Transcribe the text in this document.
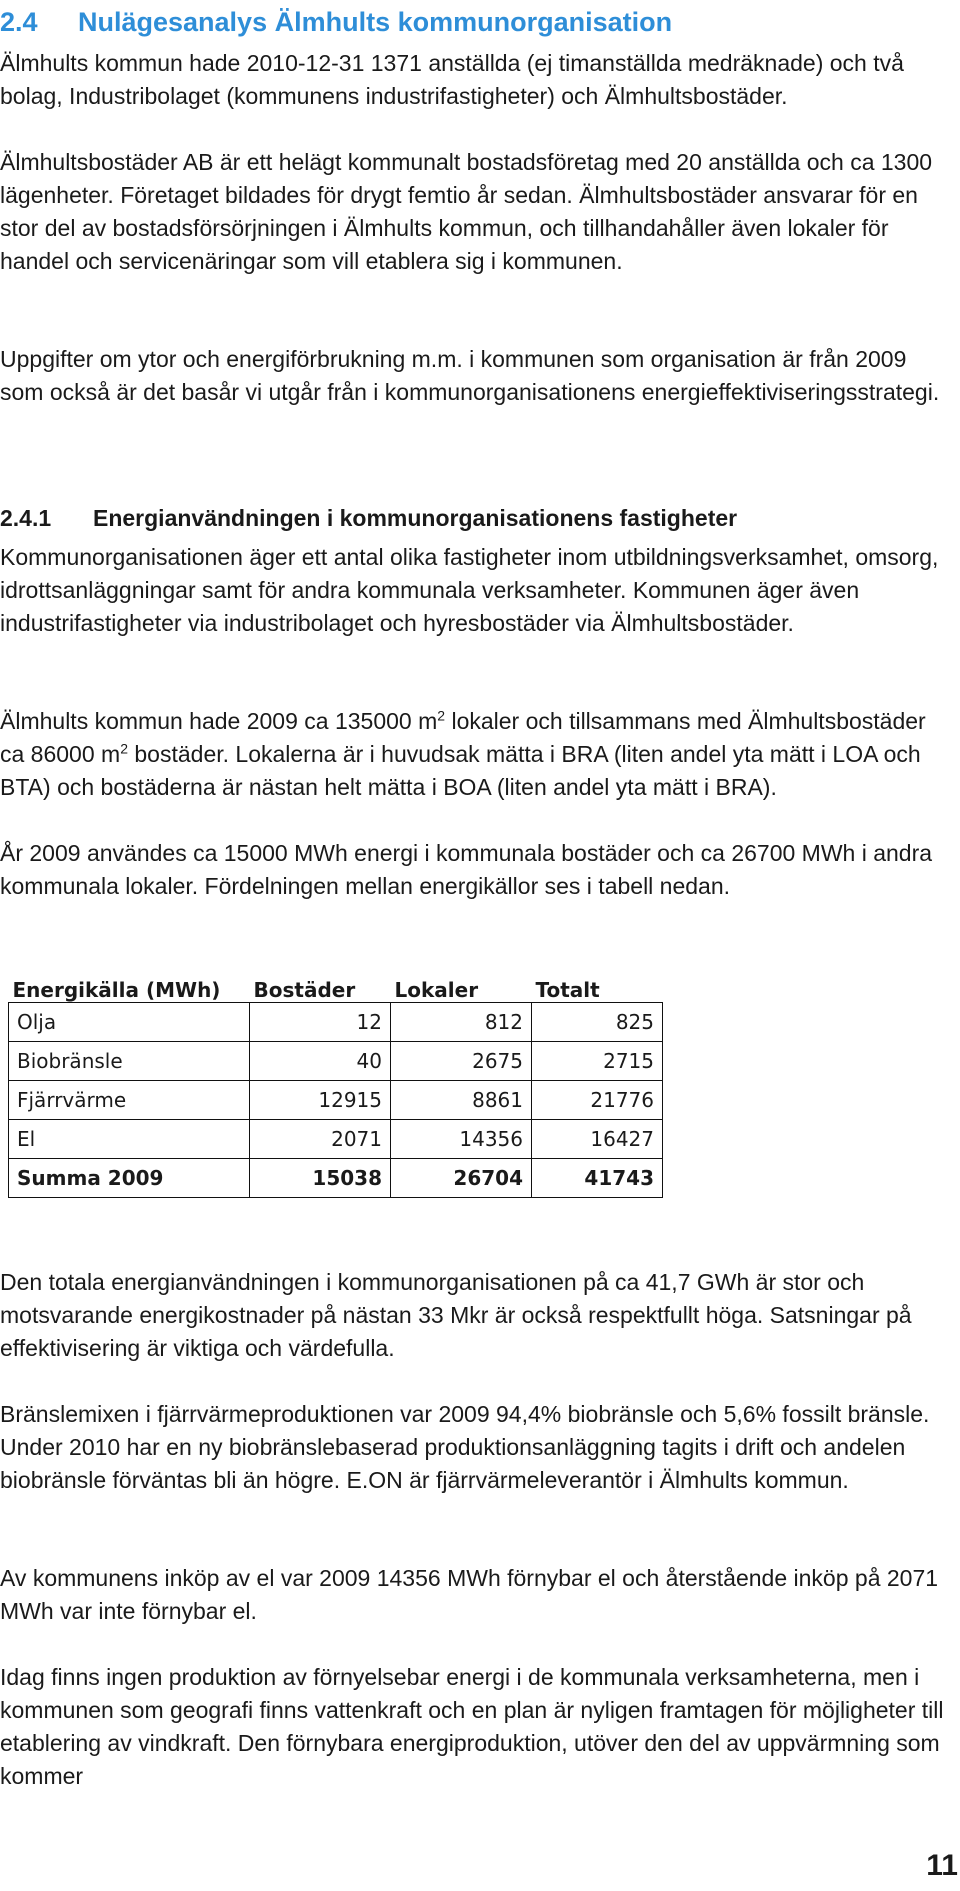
2.4 Nulägesanalys Älmhults kommunorganisation

Älmhults kommun hade 2010-12-31 1371 anställda (ej timanställda medräknade) och två bolag, Industribolaget (kommunens industrifastigheter) och Älmhultsbostäder.

Älmhultsbostäder AB är ett helägt kommunalt bostadsföretag med 20 anställda och ca 1300 lägenheter. Företaget bildades för drygt femtio år sedan. Älmhultsbostäder ansvarar för en stor del av bostadsförsörjningen i Älmhults kommun, och tillhandahåller även lokaler för handel och servicenäringar som vill etablera sig i kommunen.

Uppgifter om ytor och energiförbrukning m.m. i kommunen som organisation är från 2009 som också är det basår vi utgår från i kommunorganisationens energieffektiviseringsstrategi.

2.4.1 Energianvändningen i kommunorganisationens fastigheter

Kommunorganisationen äger ett antal olika fastigheter inom utbildningsverksamhet, omsorg, idrottsanläggningar samt för andra kommunala verksamheter. Kommunen äger även industrifastigheter via industribolaget och hyresbostäder via Älmhultsbostäder.

Älmhults kommun hade 2009 ca 135000 $m^2$ lokaler och tillsammans med Älmhultsbostäder ca 86000 $m^2$ bostäder. Lokalerna är i huvudsak mätta i BRA (liten andel yta mätt i LOA och BTA) och bostäderna är nästan helt mätta i BOA (liten andel yta mätt i BRA).

År 2009 användes ca 15000 MWh energi i kommunala bostäder och ca 26700 MWh i andra kommunala lokaler. Fördelningen mellan energikällor ses i tabell nedan.

Energikälla (MWh)	Bostäder	Lokaler	Totalt
Olja	12	812	825
Biobränsle	40	2675	2715
Fjärrvärme	12915	8861	21776
El	2071	14356	16427
Summa 2009	15038	26704	41743

Den totala energianvändningen i kommunorganisationen på ca 41,7 GWh är stor och motsvarande energikostnader på nästan 33 Mkr är också respektfullt höga. Satsningar på effektivisering är viktiga och värdefulla.

Bränslemixen i fjärrvärmeproduktionen var 2009 94,4% biobränsle och 5,6% fossilt bränsle. Under 2010 har en ny biobränslebaserad produktionsanläggning tagits i drift och andelen biobränsle förväntas bli än högre. E.ON är fjärrvärmeleverantör i Älmhults kommun.

Av kommunens inköp av el var 2009 14356 MWh förnybar el och återstående inköp på 2071 MWh var inte förnybar el.

Idag finns ingen produktion av förnyelsebar energi i de kommunala verksamheterna, men i kommunen som geografi finns vattenkraft och en plan är nyligen framtagen för möjligheter till etablering av vindkraft. Den förnybara energiproduktion, utöver den del av uppvärmning som kommer

11
